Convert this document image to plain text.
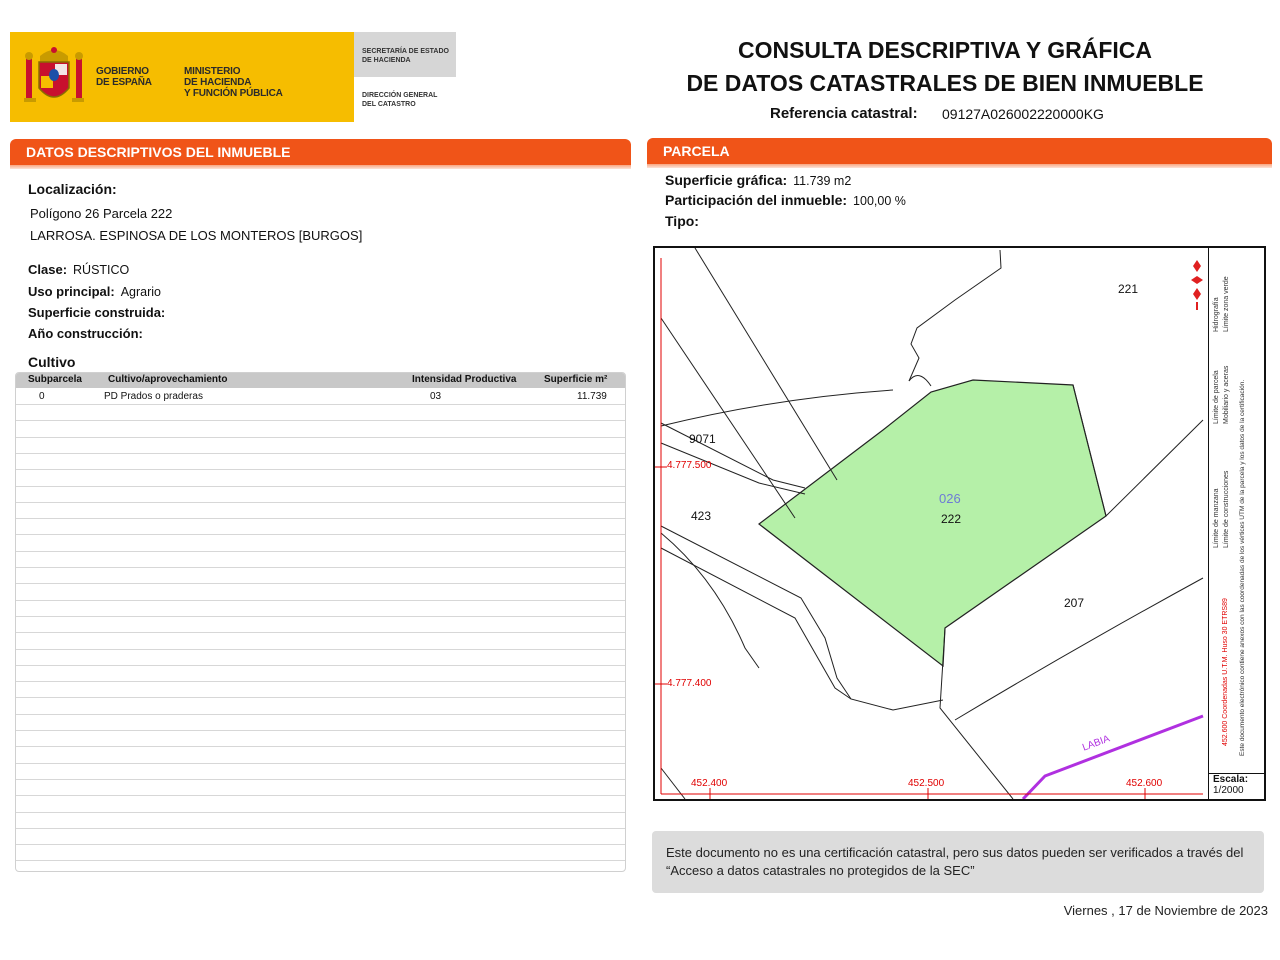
GOBIERNO
DE ESPAÑA
MINISTERIO
DE HACIENDA
Y FUNCIÓN PÚBLICA
SECRETARÍA DE ESTADO
DE HACIENDA
DIRECCIÓN GENERAL
DEL CATASTRO
CONSULTA DESCRIPTIVA Y GRÁFICA
DE DATOS CATASTRALES DE BIEN INMUEBLE
Referencia catastral: 09127A026002220000KG
DATOS DESCRIPTIVOS DEL INMUEBLE
Localización:
Polígono 26 Parcela 222
LARROSA. ESPINOSA DE LOS MONTEROS [BURGOS]
Clase: RÚSTICO
Uso principal: Agrario
Superficie construida:
Año construcción:
Cultivo
Subparcela	Cultivo/aprovechamiento	Intensidad Productiva	Superficie m²
0	PD Prados o praderas	03	11.739
PARCELA
Superficie gráfica: 11.739 m2
Participación del inmueble: 100,00 %
Tipo:
221
9071
423
026
222
207
LABIA
4.777.500
4.777.400
452.400	452.500	452.600
Límite de manzana
Límite de parcela
Hidrografía
Límite de construcciones
Mobiliario y aceras
Límite zona verde
452.600 Coordenadas U.T.M. Huso 30 ETRS89 Este documento electrónico contiene anexos con las coordenadas de los vértices UTM de la parcela y los datos de la certificación.
Escala:
1/2000
Este documento no es una certificación catastral, pero sus datos pueden ser verificados a través del “Acceso a datos catastrales no protegidos de la SEC”
Viernes , 17 de Noviembre de 2023
